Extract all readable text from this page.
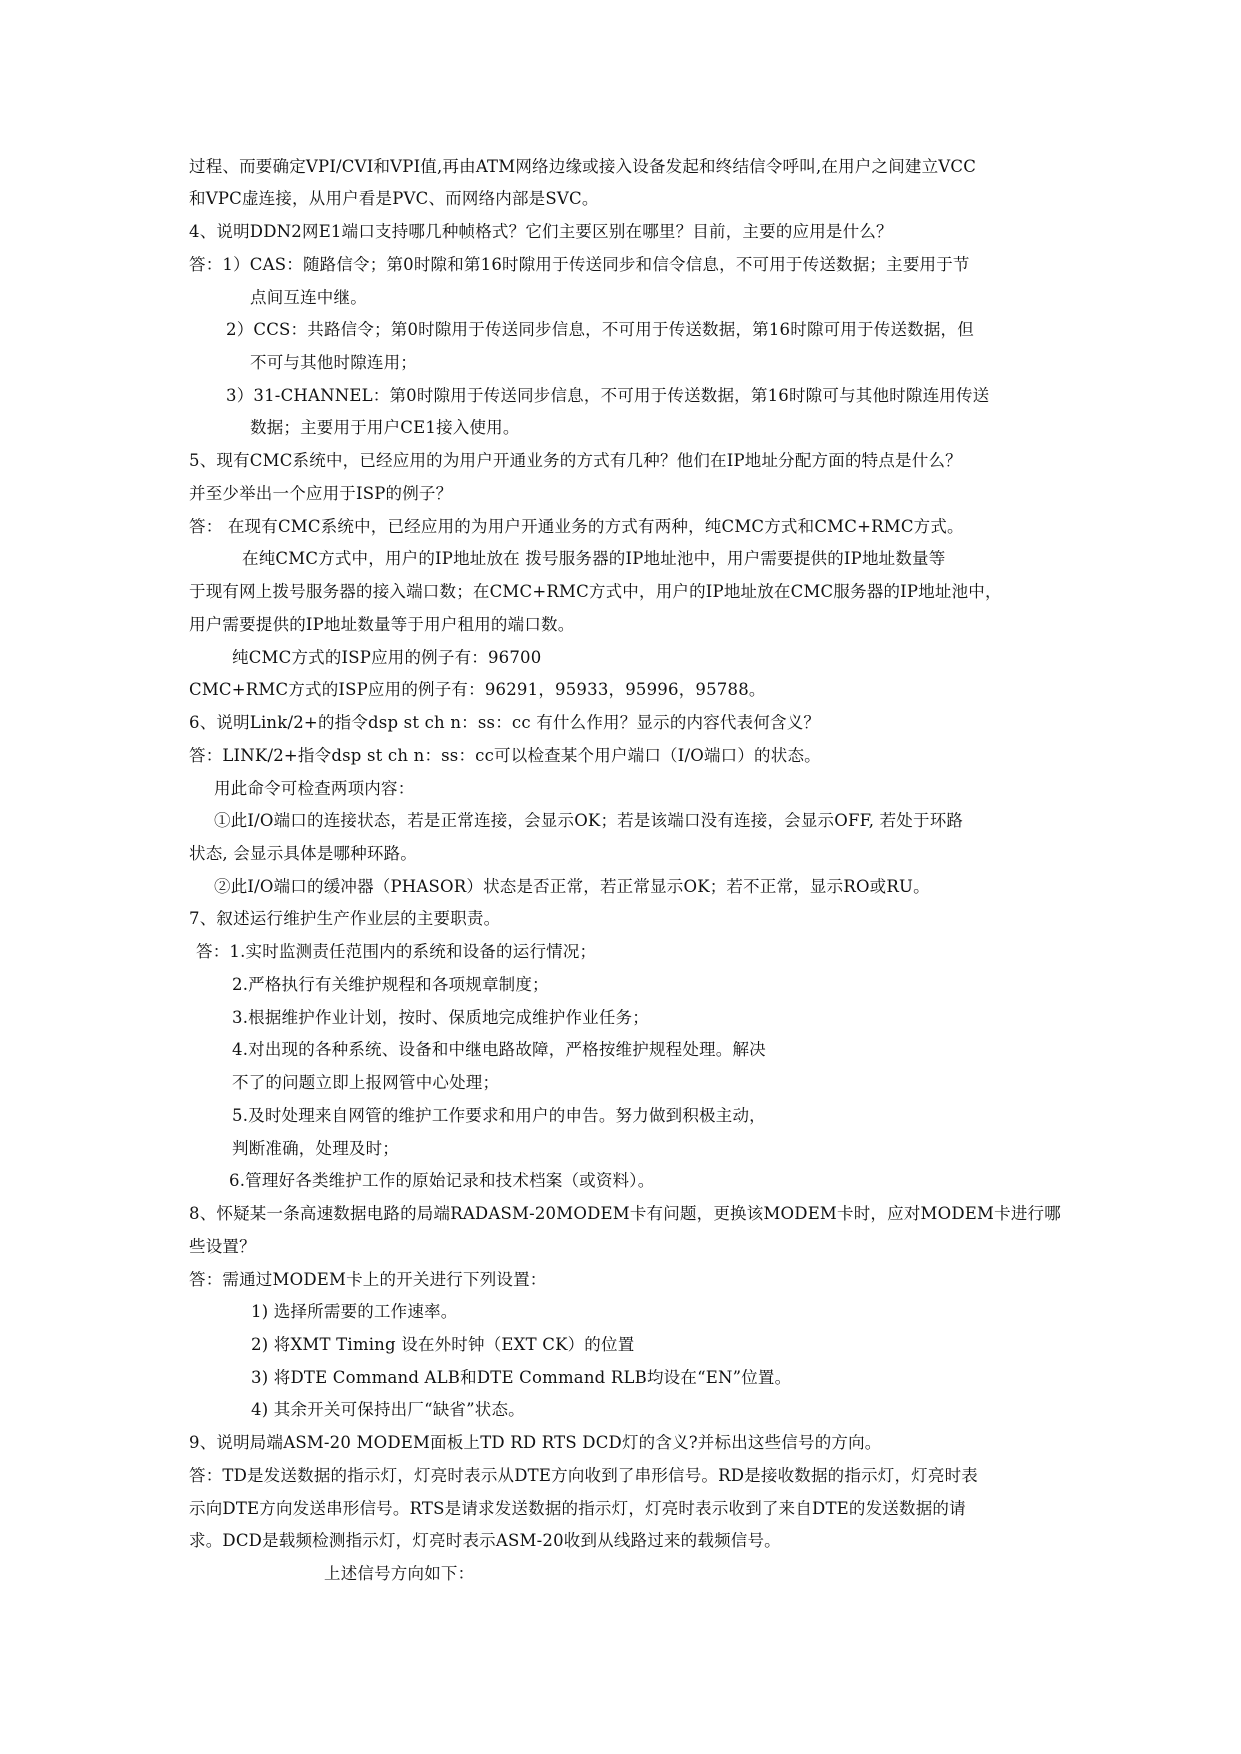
过程、而要确定VPI/CVI和VPI值,再由ATM网络边缘或接入设备发起和终结信令呼叫,在用户之间建立VCC
和VPC虚连接，从用户看是PVC、而网络内部是SVC。
4、说明DDN2网E1端口支持哪几种帧格式？它们主要区别在哪里？目前，主要的应用是什么？
答：1）CAS：随路信令；第0时隙和第16时隙用于传送同步和信令信息，不可用于传送数据；主要用于节
点间互连中继。
2）CCS：共路信令；第0时隙用于传送同步信息，不可用于传送数据，第16时隙可用于传送数据，但
不可与其他时隙连用；
3）31-CHANNEL：第0时隙用于传送同步信息，不可用于传送数据，第16时隙可与其他时隙连用传送
数据；主要用于用户CE1接入使用。
5、现有CMC系统中，已经应用的为用户开通业务的方式有几种？他们在IP地址分配方面的特点是什么？
并至少举出一个应用于ISP的例子？
答： 在现有CMC系统中，已经应用的为用户开通业务的方式有两种，纯CMC方式和CMC+RMC方式。
在纯CMC方式中，用户的IP地址放在 拨号服务器的IP地址池中，用户需要提供的IP地址数量等
于现有网上拨号服务器的接入端口数；在CMC+RMC方式中，用户的IP地址放在CMC服务器的IP地址池中，
用户需要提供的IP地址数量等于用户租用的端口数。
纯CMC方式的ISP应用的例子有：96700
CMC+RMC方式的ISP应用的例子有：96291，95933，95996，95788。
6、说明Link/2+的指令dsp st ch n：ss：cc 有什么作用？显示的内容代表何含义？
答：LINK/2+指令dsp st ch n：ss：cc可以检查某个用户端口（I/O端口）的状态。
用此命令可检查两项内容：
①此I/O端口的连接状态，若是正常连接，会显示OK；若是该端口没有连接，会显示OFF, 若处于环路
状态, 会显示具体是哪种环路。
②此I/O端口的缓冲器（PHASOR）状态是否正常，若正常显示OK；若不正常，显示RO或RU。
7、叙述运行维护生产作业层的主要职责。
答：1.实时监测责任范围内的系统和设备的运行情况；
2.严格执行有关维护规程和各项规章制度；
3.根据维护作业计划，按时、保质地完成维护作业任务；
4.对出现的各种系统、设备和中继电路故障，严格按维护规程处理。解决
不了的问题立即上报网管中心处理；
5.及时处理来自网管的维护工作要求和用户的申告。努力做到积极主动，
判断准确，处理及时；
6.管理好各类维护工作的原始记录和技术档案（或资料）。
8、怀疑某一条高速数据电路的局端RADASM-20MODEM卡有问题，更换该MODEM卡时，应对MODEM卡进行哪
些设置？
答：需通过MODEM卡上的开关进行下列设置：
1) 选择所需要的工作速率。
2) 将XMT Timing 设在外时钟（EXT CK）的位置
3) 将DTE Command ALB和DTE Command RLB均设在“EN”位置。
4) 其余开关可保持出厂“缺省”状态。
9、说明局端ASM-20 MODEM面板上TD RD RTS DCD灯的含义?并标出这些信号的方向。
答：TD是发送数据的指示灯，灯亮时表示从DTE方向收到了串形信号。RD是接收数据的指示灯，灯亮时表
示向DTE方向发送串形信号。RTS是请求发送数据的指示灯，灯亮时表示收到了来自DTE的发送数据的请
求。DCD是载频检测指示灯，灯亮时表示ASM-20收到从线路过来的载频信号。
上述信号方向如下：
